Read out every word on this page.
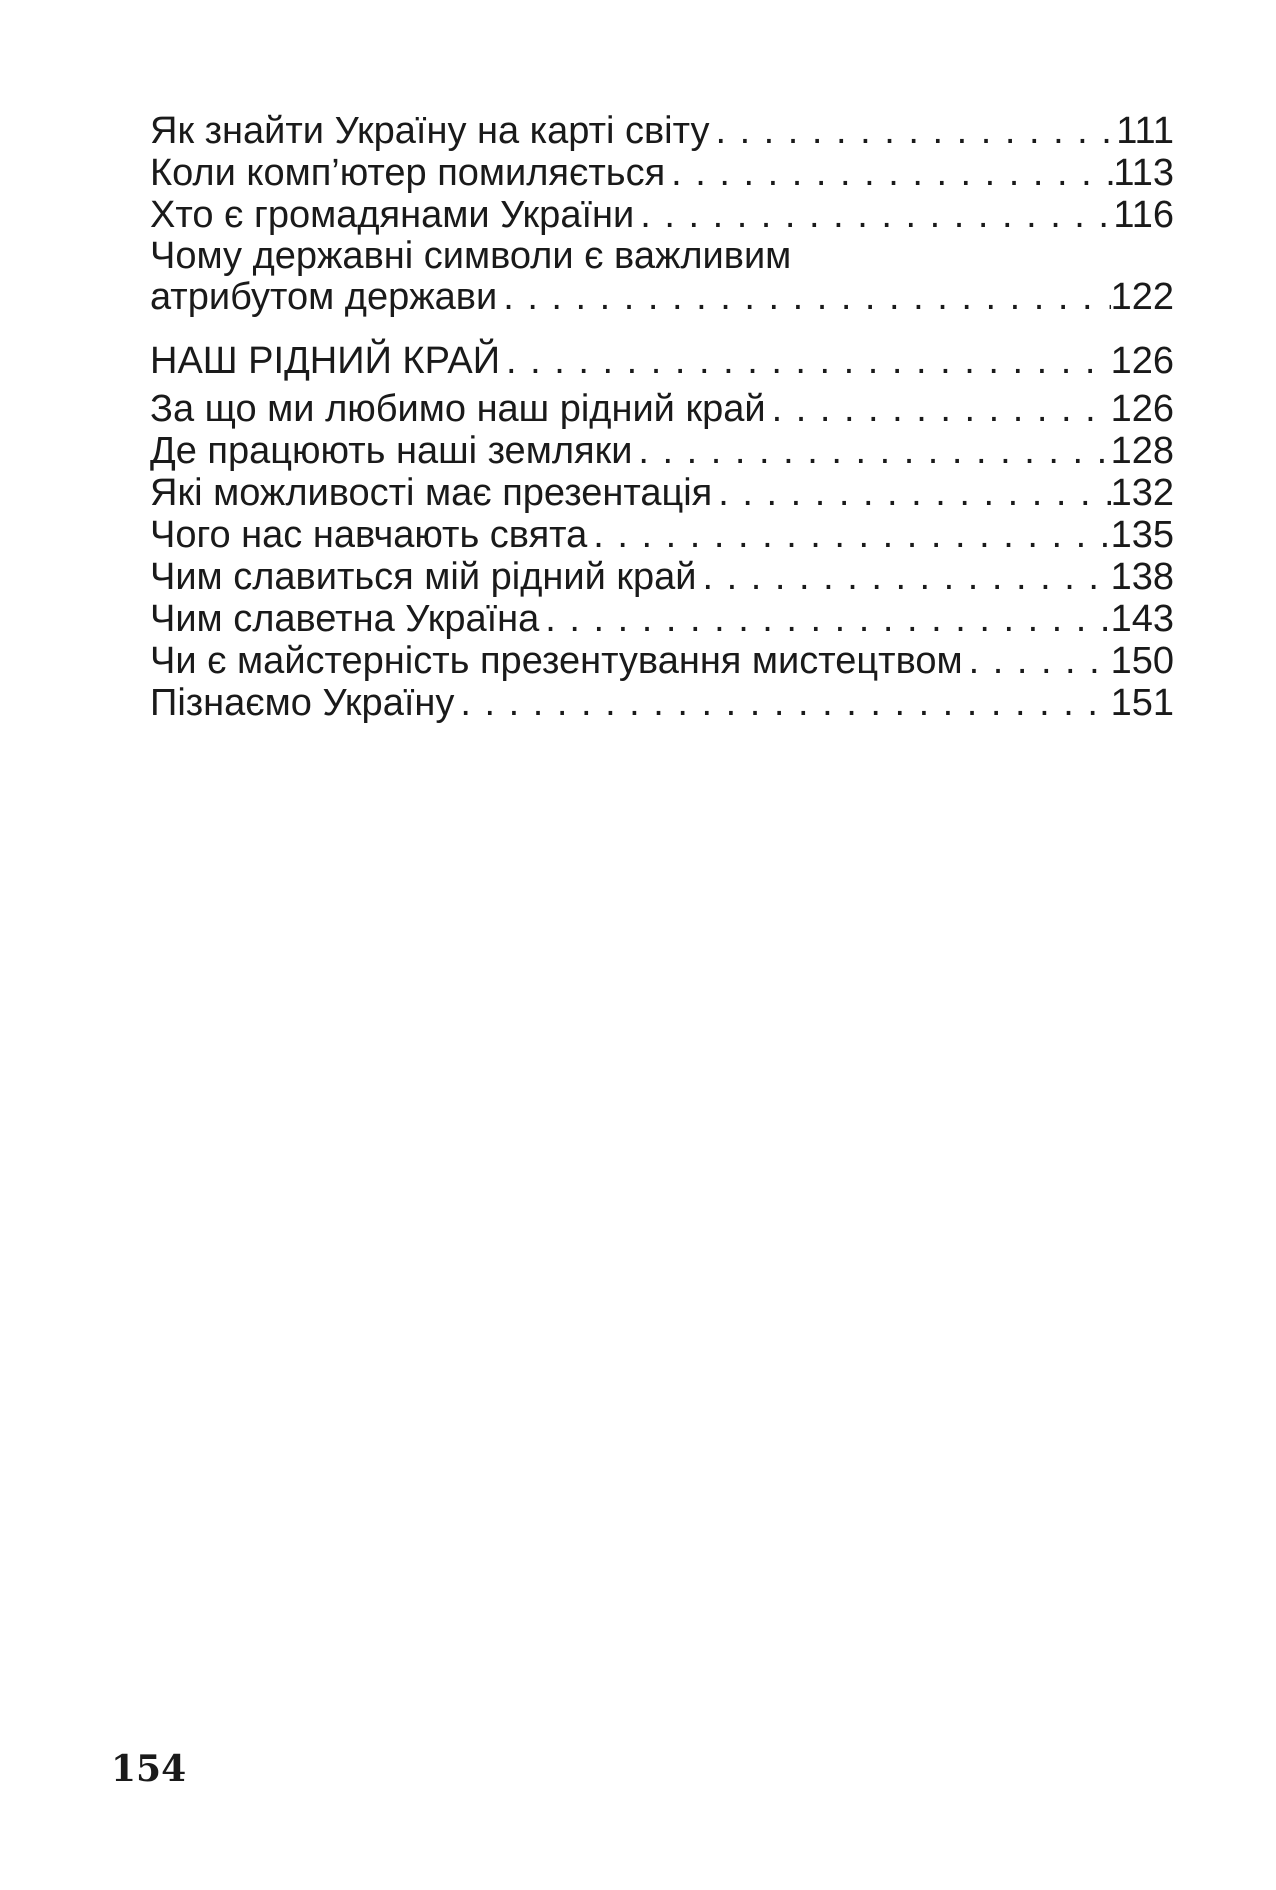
Як знайти Україну на карті світу . . .	111
Коли комп’ютер помиляється . . .	113
Хто є громадянами України . . .	116
Чому державні символи є важливим
атрибутом держави . . .	122
НАШ РІДНИЙ КРАЙ . . .	126
За що ми любимо наш рідний край . . .	126
Де працюють наші земляки . . .	128
Які можливості має презентація . . .	132
Чого нас навчають свята . . .	135
Чим славиться мій рідний край . . .	138
Чим славетна Україна . . .	143
Чи є майстерність презентування мистецтвом . . .	150
Пізнаємо Україну . . .	151
154
